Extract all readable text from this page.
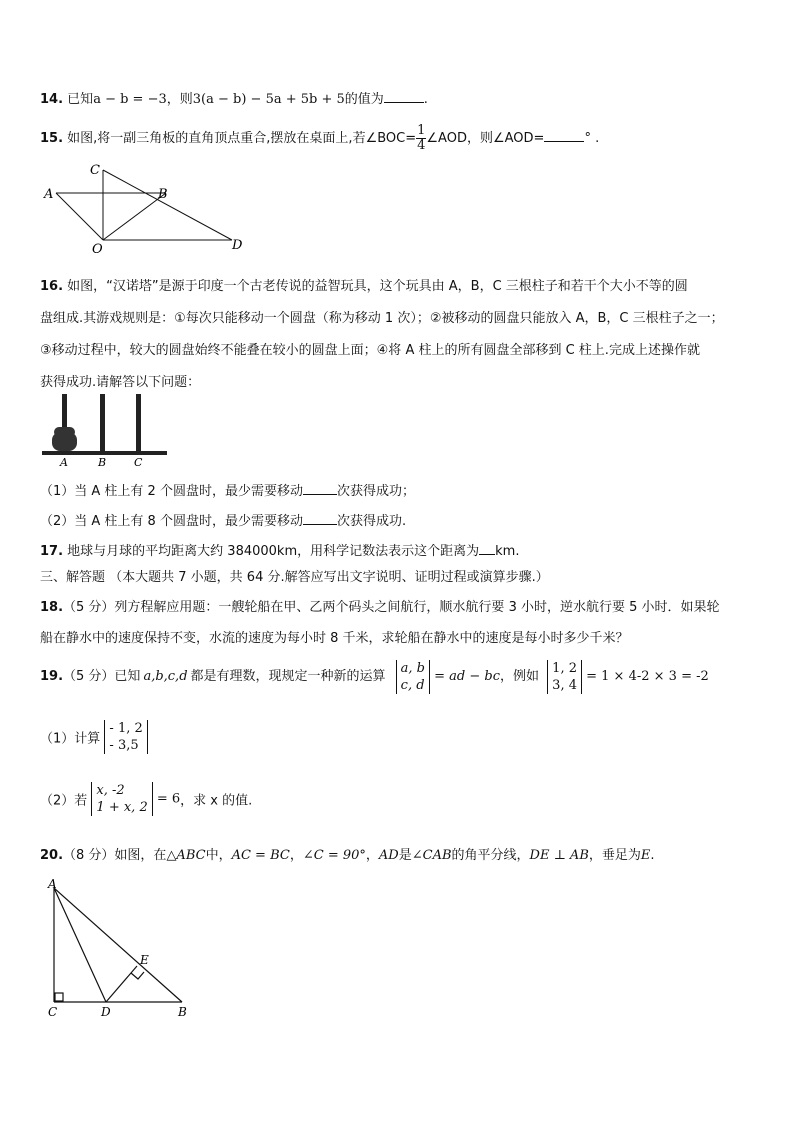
14. 已知a − b = −3，则3(a − b) − 5a + 5b + 5的值为	.
15. 如图,将一副三角板的直角顶点重合,摆放在桌面上,若∠BOC= $\frac{1}{4}$ ∠AOD，则∠AOD=	° .
A	B
C
O	D
16. 如图，“汉诺塔”是源于印度一个古老传说的益智玩具，这个玩具由 A，B，C 三根柱子和若干个大小不等的圆
盘组成.其游戏规则是：①每次只能移动一个圆盘（称为移动 1 次）；②被移动的圆盘只能放入 A，B，C 三根柱子之一；
③移动过程中，较大的圆盘始终不能叠在较小的圆盘上面；④将 A 柱上的所有圆盘全部移到 C 柱上.完成上述操作就
获得成功.请解答以下问题：
A	B	C
（1）当 A 柱上有 2 个圆盘时，最少需要移动	次获得成功；
（2）当 A 柱上有 8 个圆盘时，最少需要移动	次获得成功.
17. 地球与月球的平均距离大约 384000km，用科学记数法表示这个距离为 km.
三、解答题 （本大题共 7 小题，共 64 分.解答应写出文字说明、证明过程或演算步骤.）
18.（5 分）列方程解应用题：一艘轮船在甲、乙两个码头之间航行，顺水航行要 3 小时，逆水航行要 5 小时．如果轮
船在静水中的速度保持不变，水流的速度为每小时 8 千米，求轮船在静水中的速度是每小时多少千米？
19.（5 分）已知 a,b,c,d 都是有理数，现规定一种新的运算
a, b
c, d
= ad − bc，例如
1, 2
3, 4
= 1 × 4-2 × 3 = -2
（1）计算
- 1, 2
- 3,5
（2）若
x, -2
1 + x, 2
= 6，求 x 的值.
20.（8 分）如图，在△ABC中，AC = BC，∠C = 90°，AD是∠CAB的角平分线，DE ⊥ AB，垂足为E.
A
C	D	B
E
